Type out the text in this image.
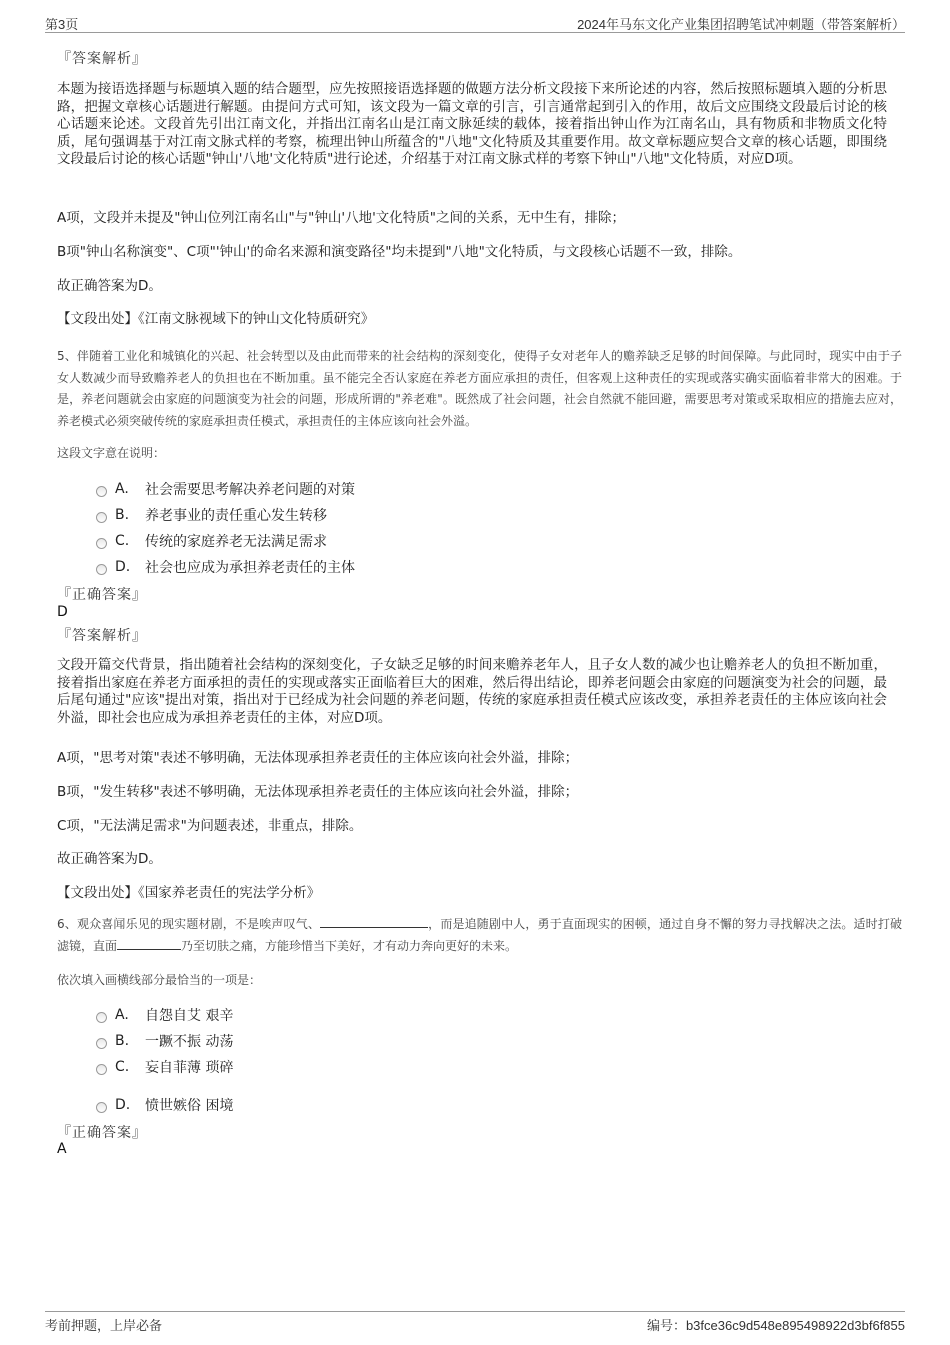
第3页	2024年马东文化产业集团招聘笔试冲刺题（带答案解析）
『答案解析』
本题为接语选择题与标题填入题的结合题型，应先按照接语选择题的做题方法分析文段接下来所论述的内容，然后按照标题填入题的分析思路，把握文章核心话题进行解题。由提问方式可知，该文段为一篇文章的引言，引言通常起到引入的作用，故后文应围绕文段最后讨论的核心话题来论述。文段首先引出江南文化，并指出江南名山是江南文脉延续的载体，接着指出钟山作为江南名山，具有物质和非物质文化特质，尾句强调基于对江南文脉式样的考察，梳理出钟山所蕴含的"八地"文化特质及其重要作用。故文章标题应契合文章的核心话题，即围绕文段最后讨论的核心话题"钟山'八地'文化特质"进行论述，介绍基于对江南文脉式样的考察下钟山"八地"文化特质，对应D项。
A项，文段并未提及"钟山位列江南名山"与"钟山'八地'文化特质"之间的关系，无中生有，排除；
B项"钟山名称演变"、C项"'钟山'的命名来源和演变路径"均未提到"八地"文化特质，与文段核心话题不一致，排除。
故正确答案为D。
【文段出处】《江南文脉视域下的钟山文化特质研究》
5、伴随着工业化和城镇化的兴起、社会转型以及由此而带来的社会结构的深刻变化，使得子女对老年人的赡养缺乏足够的时间保障。与此同时，现实中由于子女人数减少而导致赡养老人的负担也在不断加重。虽不能完全否认家庭在养老方面应承担的责任，但客观上这种责任的实现或落实确实面临着非常大的困难。于是，养老问题就会由家庭的问题演变为社会的问题，形成所谓的"养老难"。既然成了社会问题，社会自然就不能回避，需要思考对策或采取相应的措施去应对，养老模式必须突破传统的家庭承担责任模式，承担责任的主体应该向社会外溢。
这段文字意在说明：
A.	社会需要思考解决养老问题的对策
B.	养老事业的责任重心发生转移
C.	传统的家庭养老无法满足需求
D.	社会也应成为承担养老责任的主体
『正确答案』
D
『答案解析』
文段开篇交代背景，指出随着社会结构的深刻变化，子女缺乏足够的时间来赡养老年人，且子女人数的减少也让赡养老人的负担不断加重，接着指出家庭在养老方面承担的责任的实现或落实正面临着巨大的困难，然后得出结论，即养老问题会由家庭的问题演变为社会的问题，最后尾句通过"应该"提出对策，指出对于已经成为社会问题的养老问题，传统的家庭承担责任模式应该改变，承担养老责任的主体应该向社会外溢，即社会也应成为承担养老责任的主体，对应D项。
A项，"思考对策"表述不够明确，无法体现承担养老责任的主体应该向社会外溢，排除；
B项，"发生转移"表述不够明确，无法体现承担养老责任的主体应该向社会外溢，排除；
C项，"无法满足需求"为问题表述，非重点，排除。
故正确答案为D。
【文段出处】《国家养老责任的宪法学分析》
6、观众喜闻乐见的现实题材剧，不是唉声叹气、	，而是追随剧中人，勇于直面现实的困顿，通过自身不懈的努力寻找解决之法。适时打破滤镜，直面	乃至切肤之痛，方能珍惜当下美好，才有动力奔向更好的未来。
依次填入画横线部分最恰当的一项是：
A.	自怨自艾 艰辛
B.	一蹶不振 动荡
C.	妄自菲薄 琐碎
D.	愤世嫉俗 困境
『正确答案』
A
考前押题，上岸必备	编号：b3fce36c9d548e895498922d3bf6f855
